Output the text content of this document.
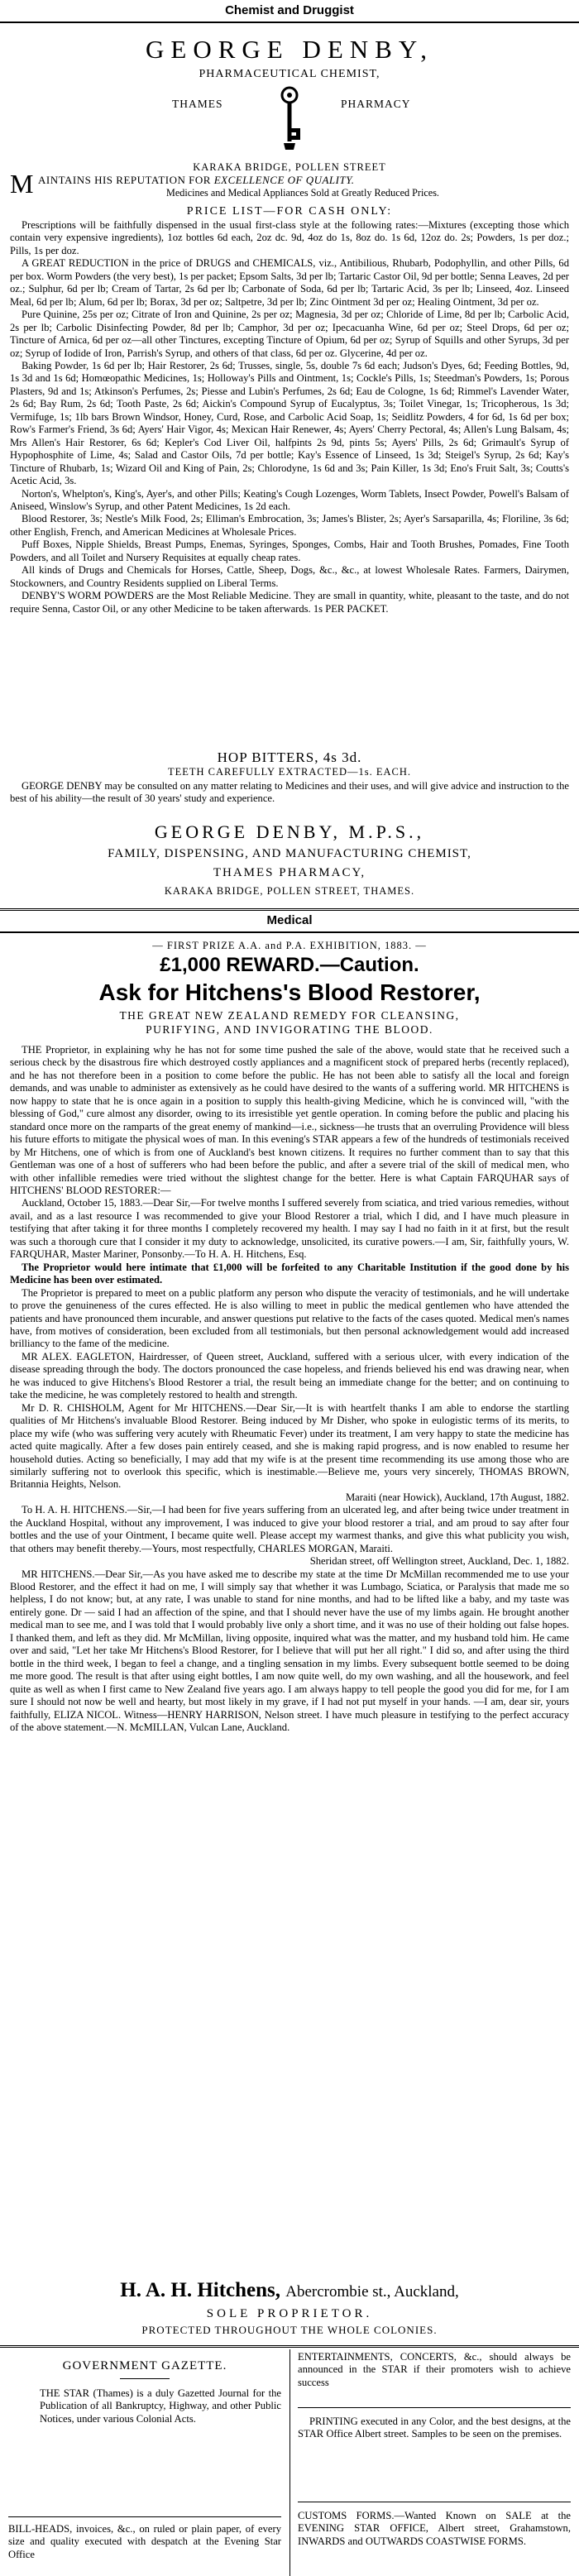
Chemist and Druggist
GEORGE DENBY,
PHARMACEUTICAL CHEMIST,
THAMES	PHARMACY
KARAKA BRIDGE, POLLEN STREET
M AINTAINS HIS REPUTATION FOR EXCELLENCE OF QUALITY.
Medicines and Medical Appliances Sold at Greatly Reduced Prices.
PRICE LIST—FOR CASH ONLY:

Prescriptions will be faithfully dispensed in the usual first-class style at the following rates:—Mixtures (excepting those which contain very expensive ingredients), 1oz bottles 6d each, 2oz dc. 9d, 4oz do 1s, 8oz do. 1s 6d, 12oz do. 2s; Powders, 1s per doz.; Pills, 1s per doz.

A GREAT REDUCTION in the price of DRUGS and CHEMICALS, viz., Antibilious, Rhubarb, Podophyllin, and other Pills, 6d per box. Worm Powders (the very best), 1s per packet; Epsom Salts, 3d per lb; Tartaric Castor Oil, 9d per bottle; Senna Leaves, 2d per oz.; Sulphur, 6d per lb; Cream of Tartar, 2s 6d per lb; Carbonate of Soda, 6d per lb; Tartaric Acid, 3s per lb; Linseed, 4oz. Linseed Meal, 6d per lb; Alum, 6d per lb; Borax, 3d per oz; Saltpetre, 3d per lb; Zinc Ointment 3d per oz; Healing Ointment, 3d per oz.

Pure Quinine, 25s per oz; Citrate of Iron and Quinine, 2s per oz; Magnesia, 3d per oz; Chloride of Lime, 8d per lb; Carbolic Acid, 2s per lb; Carbolic Disinfecting Powder, 8d per lb; Camphor, 3d per oz; Ipecacuanha Wine, 6d per oz; Steel Drops, 6d per oz; Tincture of Arnica, 6d per oz—all other Tinctures, excepting Tincture of Opium, 6d per oz; Syrup of Squills and other Syrups, 3d per oz; Syrup of Iodide of Iron, Parrish's Syrup, and others of that class, 6d per oz. Glycerine, 4d per oz.

Baking Powder, 1s 6d per lb; Hair Restorer, 2s 6d; Trusses, single, 5s, double 7s 6d each; Judson's Dyes, 6d; Feeding Bottles, 9d, 1s 3d and 1s 6d; Homœopathic Medicines, 1s; Holloway's Pills and Ointment, 1s; Cockle's Pills, 1s; Steedman's Powders, 1s; Porous Plasters, 9d and 1s; Atkinson's Perfumes, 2s; Piesse and Lubin's Perfumes, 2s 6d; Eau de Cologne, 1s 6d; Rimmel's Lavender Water, 2s 6d; Bay Rum, 2s 6d; Tooth Paste, 2s 6d; Aickin's Compound Syrup of Eucalyptus, 3s; Toilet Vinegar, 1s; Tricopherous, 1s 3d; Vermifuge, 1s; 1lb bars Brown Windsor, Honey, Curd, Rose, and Carbolic Acid Soap, 1s; Seidlitz Powders, 4 for 6d, 1s 6d per box; Row's Farmer's Friend, 3s 6d; Ayers' Hair Vigor, 4s; Mexican Hair Renewer, 4s; Ayers' Cherry Pectoral, 4s; Allen's Lung Balsam, 4s; Mrs Allen's Hair Restorer, 6s 6d; Kepler's Cod Liver Oil, halfpints 2s 9d, pints 5s; Ayers' Pills, 2s 6d; Grimault's Syrup of Hypophosphite of Lime, 4s; Salad and Castor Oils, 7d per bottle; Kay's Essence of Linseed, 1s 3d; Steigel's Syrup, 2s 6d; Kay's Tincture of Rhubarb, 1s; Wizard Oil and King of Pain, 2s; Chlorodyne, 1s 6d and 3s; Pain Killer, 1s 3d; Eno's Fruit Salt, 3s; Coutts's Acetic Acid, 3s.

Norton's, Whelpton's, King's, Ayer's, and other Pills; Keating's Cough Lozenges, Worm Tablets, Insect Powder, Powell's Balsam of Aniseed, Winslow's Syrup, and other Patent Medicines, 1s 2d each.

Blood Restorer, 3s; Nestle's Milk Food, 2s; Elliman's Embrocation, 3s; James's Blister, 2s; Ayer's Sarsaparilla, 4s; Floriline, 3s 6d; other English, French, and American Medicines at Wholesale Prices.

Puff Boxes, Nipple Shields, Breast Pumps, Enemas, Syringes, Sponges, Combs, Hair and Tooth Brushes, Pomades, Fine Tooth Powders, and all Toilet and Nursery Requisites at equally cheap rates.

All kinds of Drugs and Chemicals for Horses, Cattle, Sheep, Dogs, &c., &c., at lowest Wholesale Rates. Farmers, Dairymen, Stockowners, and Country Residents supplied on Liberal Terms.

DENBY'S WORM POWDERS are the Most Reliable Medicine. They are small in quantity, white, pleasant to the taste, and do not require Senna, Castor Oil, or any other Medicine to be taken afterwards. 1s PER PACKET.

HOP BITTERS, 4s 3d.
TEETH CAREFULLY EXTRACTED—1s. EACH.

GEORGE DENBY may be consulted on any matter relating to Medicines and their uses, and will give advice and instruction to the best of his ability—the result of 30 years' study and experience.

GEORGE DENBY, M.P.S.,
FAMILY, DISPENSING, AND MANUFACTURING CHEMIST,
THAMES PHARMACY,
KARAKA BRIDGE, POLLEN STREET, THAMES.
Medical
— FIRST PRIZE A.A. and P.A. EXHIBITION, 1883. —
£1,000 REWARD.—Caution.
Ask for Hitchens's Blood Restorer,
THE GREAT NEW ZEALAND REMEDY FOR CLEANSING,
PURIFYING, AND INVIGORATING THE BLOOD.

THE Proprietor, in explaining why he has not for some time pushed the sale of the above, would state that he received such a serious check by the disastrous fire which destroyed costly appliances and a magnificent stock of prepared herbs (recently replaced), and he has not therefore been in a position to come before the public. He has not been able to satisfy all the local and foreign demands, and was unable to administer as extensively as he could have desired to the wants of a suffering world. MR HITCHENS is now happy to state that he is once again in a position to supply this health-giving Medicine, which he is convinced will, "with the blessing of God," cure almost any disorder, owing to its irresistible yet gentle operation. In coming before the public and placing his standard once more on the ramparts of the great enemy of mankind—i.e., sickness—he trusts that an overruling Providence will bless his future efforts to mitigate the physical woes of man. In this evening's STAR appears a few of the hundreds of testimonials received by Mr Hitchens, one of which is from one of Auckland's best known citizens. It requires no further comment than to say that this Gentleman was one of a host of sufferers who had been before the public, and after a severe trial of the skill of medical men, who with other infallible remedies were tried without the slightest change for the better. Here is what Captain FARQUHAR says of HITCHENS' BLOOD RESTORER:—

Auckland, October 15, 1883.—Dear Sir,—For twelve months I suffered severely from sciatica, and tried various remedies, without avail, and as a last resource I was recommended to give your Blood Restorer a trial, which I did, and I have much pleasure in testifying that after taking it for three months I completely recovered my health. I may say I had no faith in it at first, but the result was such a thorough cure that I consider it my duty to acknowledge, unsolicited, its curative powers.—I am, Sir, faithfully yours, W. FARQUHAR, Master Mariner, Ponsonby.—To H. A. H. Hitchens, Esq.

The Proprietor would here intimate that £1,000 will be forfeited to any Charitable Institution if the good done by his Medicine has been over estimated.

The Proprietor is prepared to meet on a public platform any person who dispute the veracity of testimonials, and he will undertake to prove the genuineness of the cures effected. He is also willing to meet in public the medical gentlemen who have attended the patients and have pronounced them incurable, and answer questions put relative to the facts of the cases quoted. Medical men's names have, from motives of consideration, been excluded from all testimonials, but then personal acknowledgement would add increased brilliancy to the fame of the medicine.

MR ALEX. EAGLETON, Hairdresser, of Queen street, Auckland, suffered with a serious ulcer, with every indication of the disease spreading through the body. The doctors pronounced the case hopeless, and friends believed his end was drawing near, when he was induced to give Hitchens's Blood Restorer a trial, the result being an immediate change for the better; and on continuing to take the medicine, he was completely restored to health and strength.

Mr D. R. CHISHOLM, Agent for Mr HITCHENS.—Dear Sir,—It is with heartfelt thanks I am able to endorse the startling qualities of Mr Hitchens's invaluable Blood Restorer. Being induced by Mr Disher, who spoke in eulogistic terms of its merits, to place my wife (who was suffering very acutely with Rheumatic Fever) under its treatment, I am very happy to state the medicine has acted quite magically. After a few doses pain entirely ceased, and she is making rapid progress, and is now enabled to resume her household duties. Acting so beneficially, I may add that my wife is at the present time recommending its use among those who are similarly suffering not to overlook this specific, which is inestimable.—Believe me, yours very sincerely, THOMAS BROWN, Britannia Heights, Nelson.

Maraiti (near Howick), Auckland, 17th August, 1882.

To H. A. H. HITCHENS.—Sir,—I had been for five years suffering from an ulcerated leg, and after being twice under treatment in the Auckland Hospital, without any improvement, I was induced to give your blood restorer a trial, and am proud to say after four bottles and the use of your Ointment, I became quite well. Please accept my warmest thanks, and give this what publicity you wish, that others may benefit thereby.—Yours, most respectfully, CHARLES MORGAN, Maraiti.

Sheridan street, off Wellington street, Auckland, Dec. 1, 1882.

MR HITCHENS.—Dear Sir,—As you have asked me to describe my state at the time Dr McMillan recommended me to use your Blood Restorer, and the effect it had on me, I will simply say that whether it was Lumbago, Sciatica, or Paralysis that made me so helpless, I do not know; but, at any rate, I was unable to stand for nine months, and had to be lifted like a baby, and my taste was entirely gone. Dr — said I had an affection of the spine, and that I should never have the use of my limbs again. He brought another medical man to see me, and I was told that I would probably live only a short time, and it was no use of their holding out false hopes. I thanked them, and left as they did. Mr McMillan, living opposite, inquired what was the matter, and my husband told him. He came over and said, "Let her take Mr Hitchens's Blood Restorer, for I believe that will put her all right." I did so, and after using the third bottle in the third week, I began to feel a change, and a tingling sensation in my limbs. Every subsequent bottle seemed to be doing me more good. The result is that after using eight bottles, I am now quite well, do my own washing, and all the housework, and feel quite as well as when I first came to New Zealand five years ago. I am always happy to tell people the good you did for me, for I am sure I should not now be well and hearty, but most likely in my grave, if I had not put myself in your hands. —I am, dear sir, yours faithfully, ELIZA NICOL. Witness—HENRY HARRISON, Nelson street. I have much pleasure in testifying to the perfect accuracy of the above statement.—N. McMILLAN, Vulcan Lane, Auckland.

H. A. H. Hitchens, Abercrombie st., Auckland,
SOLE PROPRIETOR.
PROTECTED THROUGHOUT THE WHOLE COLONIES.
GOVERNMENT GAZETTE.

THE STAR (Thames) is a duly Gazetted Journal for the Publication of all Bankruptcy, Highway, and other Public Notices, under various Colonial Acts.

BILL-HEADS, invoices, &c., on ruled or plain paper, of every size and quality executed with despatch at the Evening Star Office

ENTERTAINMENTS, CONCERTS, &c., should always be announced in the STAR if their promoters wish to achieve success

PRINTING executed in any Color, and the best designs, at the STAR Office Albert street. Samples to be seen on the premises.

CUSTOMS FORMS.—Wanted Known on SALE at the EVENING STAR OFFICE, Albert street, Grahamstown, INWARDS and OUTWARDS COASTWISE FORMS.
